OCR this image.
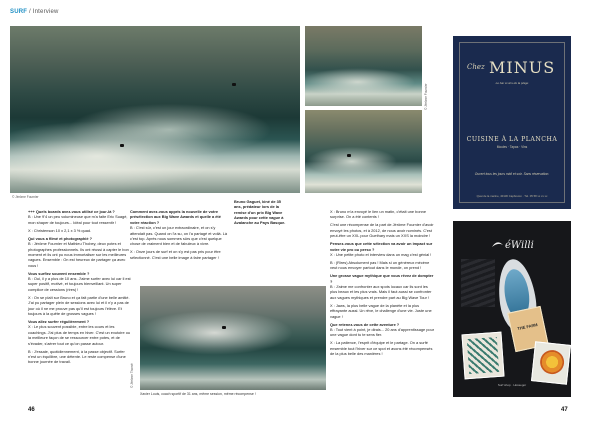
SURF / Interview
© Jérôme Fournier
© Jérôme Fournier

+++ Quels boards avez-vous utilisé ce jour-là ?
B : Une 9'4 un peu volumineuse que m'a faite Eric Suagé, mon shaper de toujours... Idéal pour tout ressentir !

X : Christenson 10 x 2,1 x 3 % quad.

Qui vous a filmé et photographié ?
B : Jérôme Fournier et Mathieu Thobey, deux potes et photographes professionnels. Ils ont réussi à capter le bon moment et ils ont pu nous immortaliser sur les meilleures vagues. Ensemble : On est heureux de partager ça avec vous !

Vous surfiez souvent ensemble ?
B : Oui, il y a plus de 10 ans. J'aime surfer avec lui car il est super positif, motivé, et toujours bienveillant. Un super complice de cessions (rires) !

X : On se plaît sur Bruno et ça fait partie d'une belle amitié. J'ai pu partager plein de sessions avec lui et il n'y a pas de jour où il ne me prouve pas qu'il est toujours l'élève. Et toujours à la quête de grosses vagues !

Vous allez surfer régulièrement ?
X : Le plus souvent possible, entre les cours et les coachings. J'ai plus de temps en hiver. C'est un exutoire ou la meilleure façon de se ressourcer entre potes, et de s'évader, s'aérer tout ce qu'on passe autour.

B : J'essaie, quotidiennement, à la passe objectif. Surfer n'est un équilibre, une détente. Le reste compense d'une bonne journée de travail.

Comment avez-vous appris la nouvelle de votre présélection aux Big Wave Awards et quelle a été votre réaction ?
B : C'est sûr, c'est un jour extraordinaire, et on s'y attendait pas. Quand on l'a su, on l'a partagé et voilà. Là c'est top. Après nous sommes sûrs que c'est quelque chose de vraiment bien et de fabuleux à vivre.

X : Onze jours de surf et on s'y est pas pris pour être sélectionné. C'est une belle image à faire partager !

Bruno Gaguet, kiné de 35 ans, prédateur lors de la remise d'un prix Big Wave Awards pour cette vague à Avalanche au Pays Basque.

X : Bruno m'a envoyé le lien un matin, c'était une bonne surprise. On a été contents !

C'est une récompense de la part de Jérôme Fournier d'avoir envoyé les photos, et à 2012, de nous avoir nominés. C'est peut-être un XXL pour Guethary mais un XXS la moindre !

Pensez-vous que cette sélection va avoir un impact sur votre vie pro ou perso ?
X : Une petite photo et interview dans un mag c'est génial !

B : (Rires) Absolument pas ! Mais si un généreux mécène veut nous envoyer partout dans le monde, on prend !

Une grosse vague mythique que vous rêvez de dompter ?
B : J'aime me confronter aux spots locaux car ils sont les plus beaux et les plus vrais. Mais il faut aussi se confronter aux vagues mythiques et prendre part au Big Wave Tour !

X : Jaws, la plus belle vague de la planète et la plus effrayante aussi. Un rêve, le challenge d'une vie. Juste une vague !

Que retenez-vous de cette aventure ?
B : Tout vient à point, je dirais... 20 ans d'apprentissage pour une vague dont tu te sens fier.

X : La patience, l'esprit d'équipe et le partage. On a surfé ensemble tout l'hiver sur ce spot et avons été récompensés de la plus belle des manières !

© Jérôme Thomé
Xavier Louis, coach sportif de 31 ans, même session, même récompense !
46	47
Chez MINUS
Le bar à vins de la plage
CUISINE À LA PLANCHA
Moules · Tapas · Vins
Ouvert tous les jours midi et soir. Sans réservation.
Quai de la marine, 40130 Capbreton · Tél. 05 58 xx xx xx
éWilli
THE FARM
Surf shop · Hossegor
